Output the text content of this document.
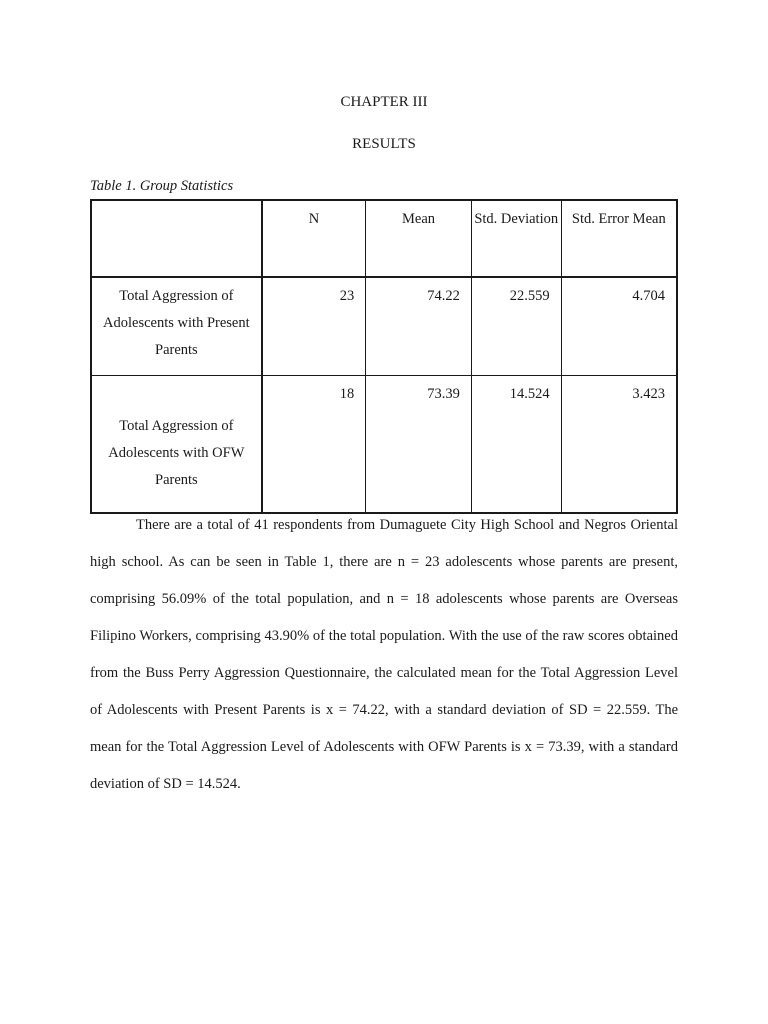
CHAPTER III
RESULTS
Table 1. Group Statistics
	N	Mean	Std. Deviation	Std. Error Mean
Total Aggression of Adolescents with Present Parents	23	74.22	22.559	4.704
Total Aggression of Adolescents with OFW Parents	18	73.39	14.524	3.423

There are a total of 41 respondents from Dumaguete City High School and Negros Oriental high school. As can be seen in Table 1, there are n = 23 adolescents whose parents are present, comprising 56.09% of the total population, and n = 18 adolescents whose parents are Overseas Filipino Workers, comprising 43.90% of the total population. With the use of the raw scores obtained from the Buss Perry Aggression Questionnaire, the calculated mean for the Total Aggression Level of Adolescents with Present Parents is x = 74.22, with a standard deviation of SD = 22.559. The mean for the Total Aggression Level of Adolescents with OFW Parents is x = 73.39, with a standard deviation of SD = 14.524.
